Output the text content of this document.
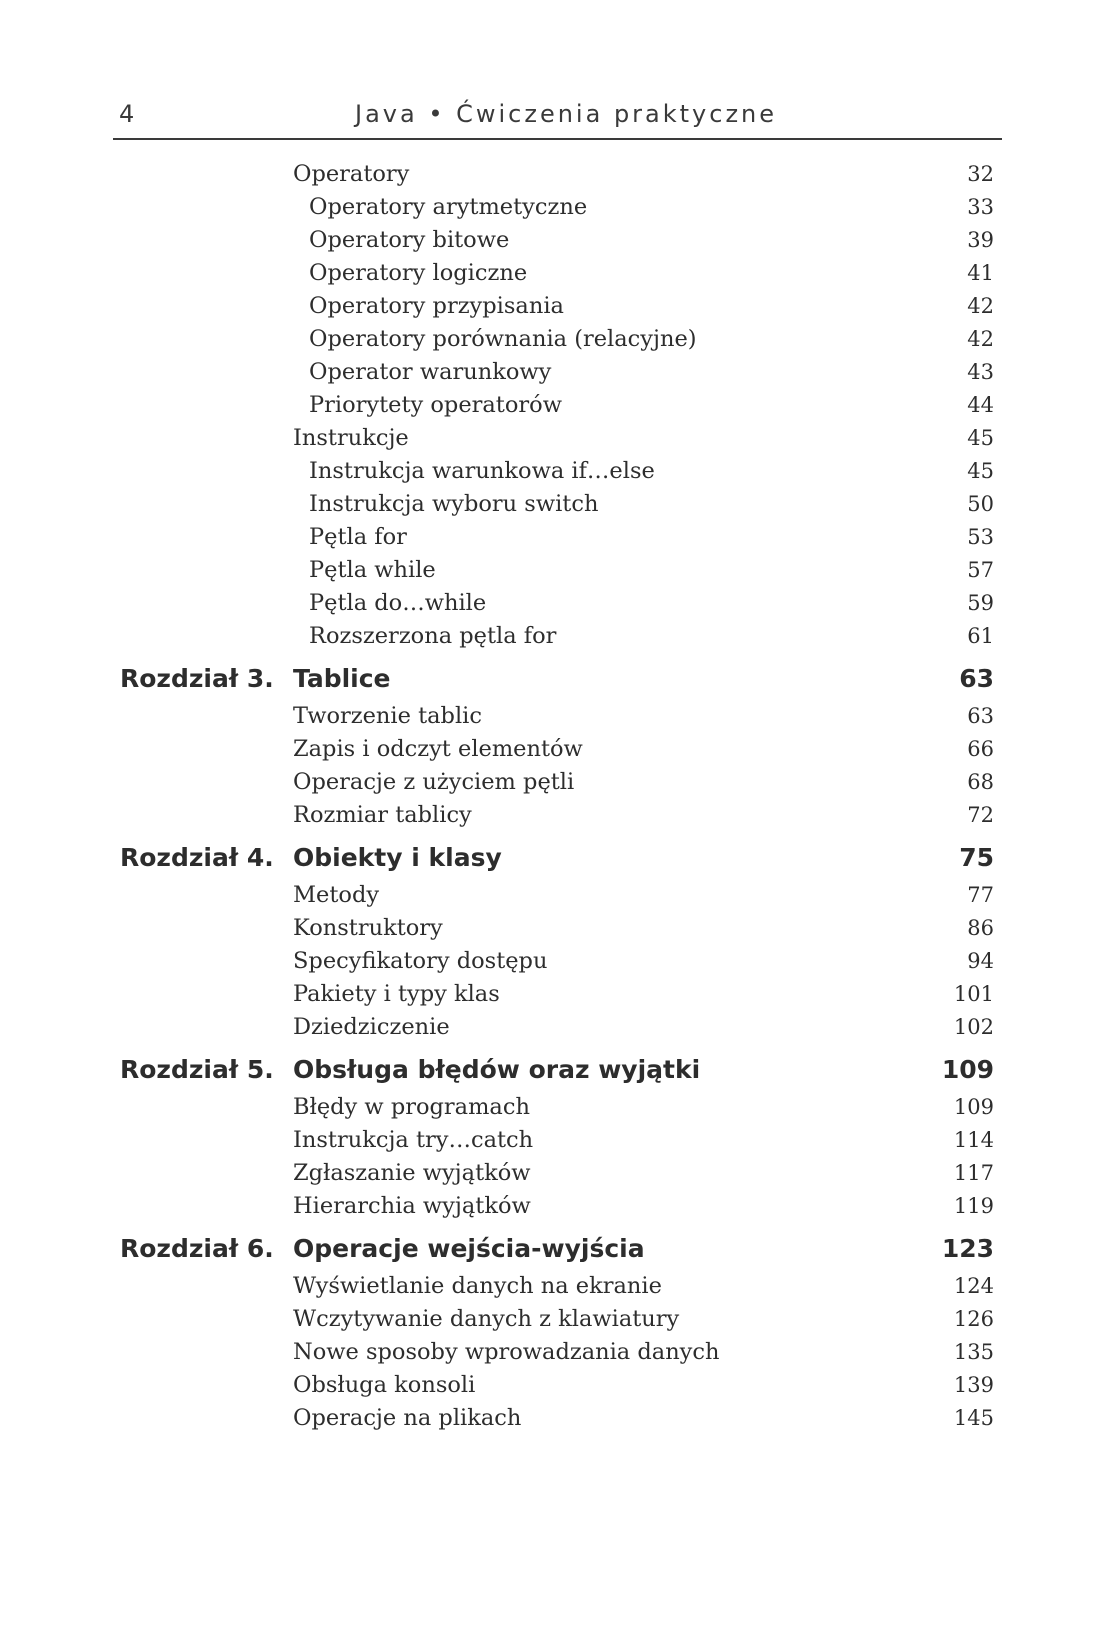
4	Java • Ćwiczenia praktyczne
Operatory	32
Operatory arytmetyczne	33
Operatory bitowe	39
Operatory logiczne	41
Operatory przypisania	42
Operatory porównania (relacyjne)	42
Operator warunkowy	43
Priorytety operatorów	44
Instrukcje	45
Instrukcja warunkowa if…else	45
Instrukcja wyboru switch	50
Pętla for	53
Pętla while	57
Pętla do…while	59
Rozszerzona pętla for	61
Rozdział 3. Tablice	63
Tworzenie tablic	63
Zapis i odczyt elementów	66
Operacje z użyciem pętli	68
Rozmiar tablicy	72
Rozdział 4. Obiekty i klasy	75
Metody	77
Konstruktory	86
Specyfikatory dostępu	94
Pakiety i typy klas	101
Dziedziczenie	102
Rozdział 5. Obsługa błędów oraz wyjątki	109
Błędy w programach	109
Instrukcja try…catch	114
Zgłaszanie wyjątków	117
Hierarchia wyjątków	119
Rozdział 6. Operacje wejścia-wyjścia	123
Wyświetlanie danych na ekranie	124
Wczytywanie danych z klawiatury	126
Nowe sposoby wprowadzania danych	135
Obsługa konsoli	139
Operacje na plikach	145
